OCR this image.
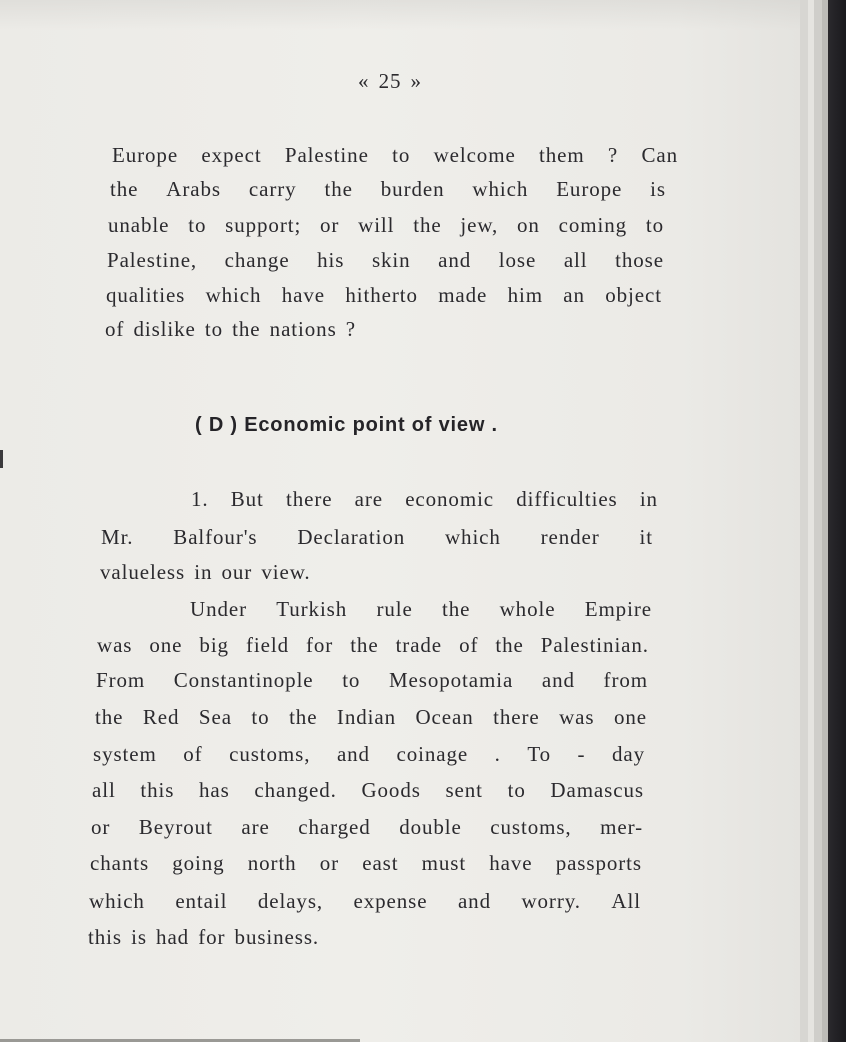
« 25 »
Europe expect Palestine to welcome them ? Can
the Arabs carry the burden which Europe is
unable to support; or will the jew, on coming to
Palestine, change his skin and lose all those
qualities which have hitherto made him an object
of dislike to the nations ?
( D ) Economic point of view .
1. But there are economic difficulties in
Mr. Balfour's Declaration which render it
valueless in our view.
Under Turkish rule the whole Empire
was one big field for the trade of the Palestinian.
From Constantinople to Mesopotamia and from
the Red Sea to the Indian Ocean there was one
system of customs, and coinage . To - day
all this has changed. Goods sent to Damascus
or Beyrout are charged double customs, mer-
chants going north or east must have passports
which entail delays, expense and worry. All
this is had for business.
